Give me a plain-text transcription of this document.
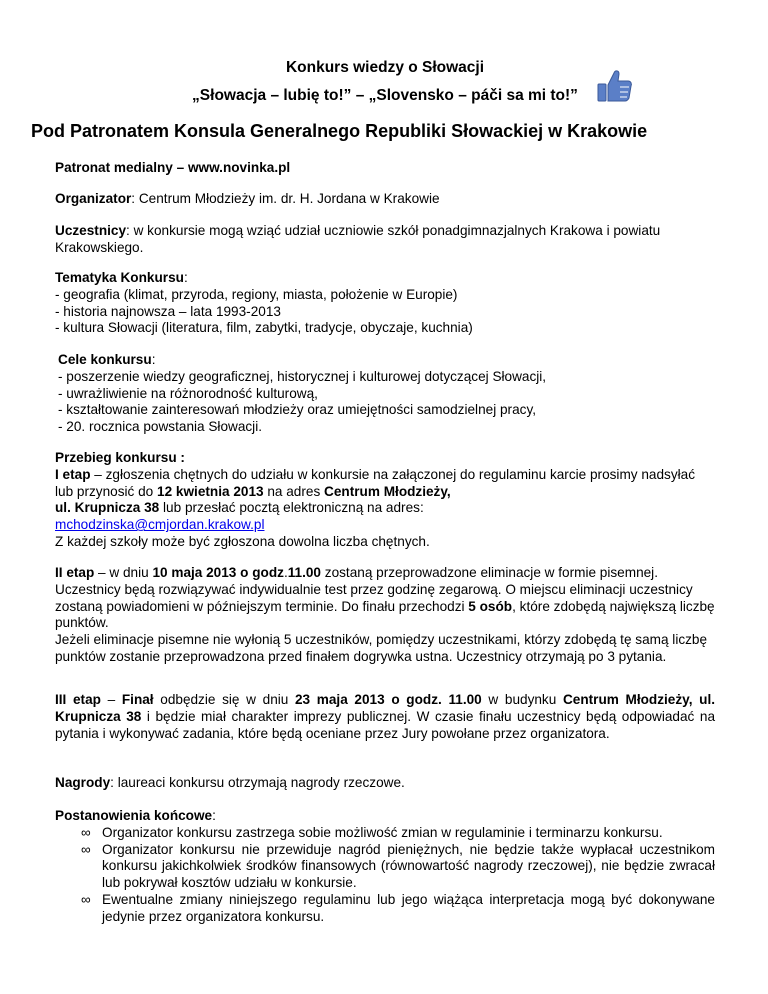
Konkurs wiedzy o Słowacji
„Słowacja – lubię to!” – „Slovensko – páči sa mi to!”
Pod Patronatem Konsula Generalnego Republiki Słowackiej w Krakowie
Patronat medialny – www.novinka.pl
Organizator: Centrum Młodzieży im. dr. H. Jordana w Krakowie
Uczestnicy: w konkursie mogą wziąć udział uczniowie szkół ponadgimnazjalnych Krakowa i powiatu Krakowskiego.

Tematyka Konkursu:

- geografia (klimat, przyroda, regiony, miasta, położenie w Europie)

- historia najnowsza – lata 1993-2013

- kultura Słowacji (literatura, film, zabytki, tradycje, obyczaje, kuchnia)

Cele konkursu:

- poszerzenie wiedzy geograficznej, historycznej i kulturowej dotyczącej Słowacji,

- uwrażliwienie na różnorodność kulturową,

- kształtowanie zainteresowań młodzieży oraz umiejętności samodzielnej pracy,

- 20. rocznica powstania Słowacji.

Przebieg konkursu :

I etap – zgłoszenia chętnych do udziału w konkursie na załączonej do regulaminu karcie prosimy nadsyłać lub przynosić do 12 kwietnia 2013 na adres Centrum Młodzieży,
ul. Krupnicza 38 lub przesłać pocztą elektroniczną na adres:
mchodzinska@cmjordan.krakow.pl
Z każdej szkoły może być zgłoszona dowolna liczba chętnych.

II etap – w dniu 10 maja 2013 o godz.11.00 zostaną przeprowadzone eliminacje w formie pisemnej. Uczestnicy będą rozwiązywać indywidualnie test przez godzinę zegarową. O miejscu eliminacji uczestnicy zostaną powiadomieni w późniejszym terminie. Do finału przechodzi 5 osób, które zdobędą największą liczbę punktów.
Jeżeli eliminacje pisemne nie wyłonią 5 uczestników, pomiędzy uczestnikami, którzy zdobędą tę samą liczbę punktów zostanie przeprowadzona przed finałem dogrywka ustna. Uczestnicy otrzymają po 3 pytania.
III etap – Finał odbędzie się w dniu 23 maja 2013 o godz. 11.00 w budynku Centrum Młodzieży, ul. Krupnicza 38 i będzie miał charakter imprezy publicznej. W czasie finału uczestnicy będą odpowiadać na pytania i wykonywać zadania, które będą oceniane przez Jury powołane przez organizatora.
Nagrody: laureaci konkursu otrzymają nagrody rzeczowe.

Postanowienia końcowe:

∞ Organizator konkursu zastrzega sobie możliwość zmian w regulaminie i terminarzu konkursu.
∞ Organizator konkursu nie przewiduje nagród pieniężnych, nie będzie także wypłacał uczestnikom konkursu jakichkolwiek środków finansowych (równowartość nagrody rzeczowej), nie będzie zwracał lub pokrywał kosztów udziału w konkursie.
∞ Ewentualne zmiany niniejszego regulaminu lub jego wiążąca interpretacja mogą być dokonywane jedynie przez organizatora konkursu.
